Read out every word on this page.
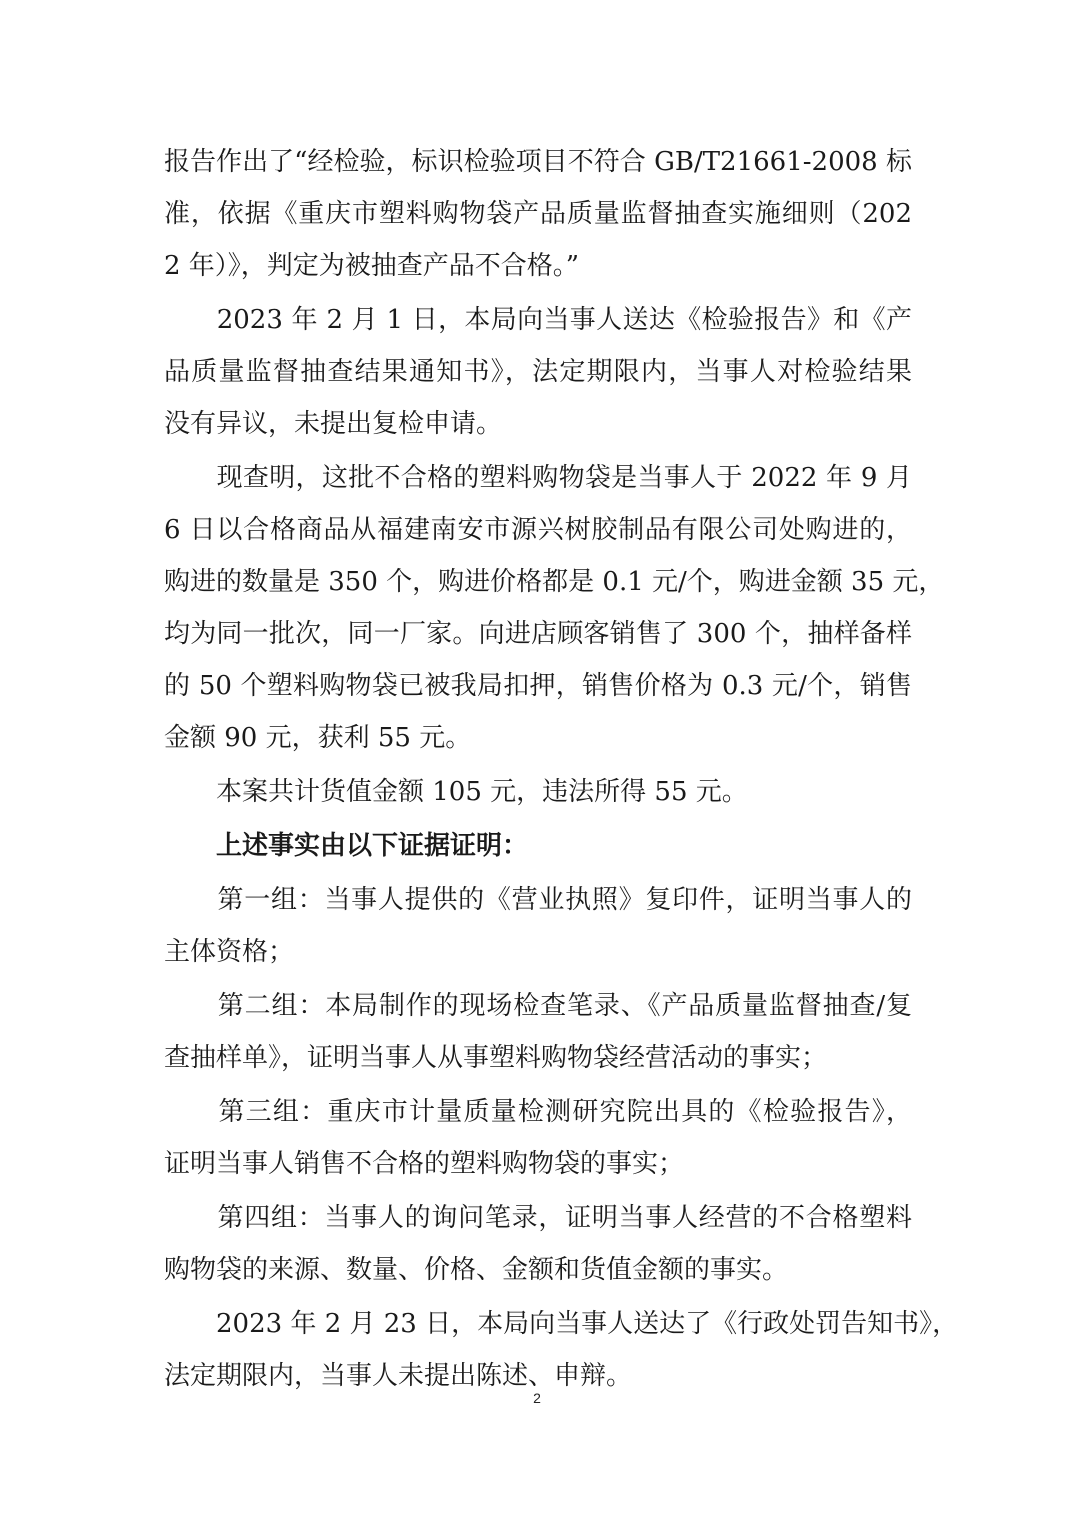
报告作出了“经检验，标识检验项目不符合 GB/T21661-2008 标
准，依据《重庆市塑料购物袋产品质量监督抽查实施细则（202
2 年）》，判定为被抽查产品不合格。”
　　2023 年 2 月 1 日，本局向当事人送达《检验报告》和《产
品质量监督抽查结果通知书》，法定期限内，当事人对检验结果
没有异议，未提出复检申请。
　　现查明，这批不合格的塑料购物袋是当事人于 2022 年 9 月
6 日以合格商品从福建南安市源兴树胶制品有限公司处购进的，
购进的数量是 350 个，购进价格都是 0.1 元/个，购进金额 35 元，
均为同一批次，同一厂家。向进店顾客销售了 300 个，抽样备样
的 50 个塑料购物袋已被我局扣押，销售价格为 0.3 元/个，销售
金额 90 元，获利 55 元。
　　本案共计货值金额 105 元，违法所得 55 元。
　　上述事实由以下证据证明：
　　第一组：当事人提供的《营业执照》复印件，证明当事人的
主体资格；
　　第二组：本局制作的现场检查笔录、《产品质量监督抽查/复
查抽样单》，证明当事人从事塑料购物袋经营活动的事实；
　　第三组：重庆市计量质量检测研究院出具的《检验报告》，
证明当事人销售不合格的塑料购物袋的事实；
　　第四组：当事人的询问笔录，证明当事人经营的不合格塑料
购物袋的来源、数量、价格、金额和货值金额的事实。
　　2023 年 2 月 23 日，本局向当事人送达了《行政处罚告知书》，
法定期限内，当事人未提出陈述、申辩。
2
